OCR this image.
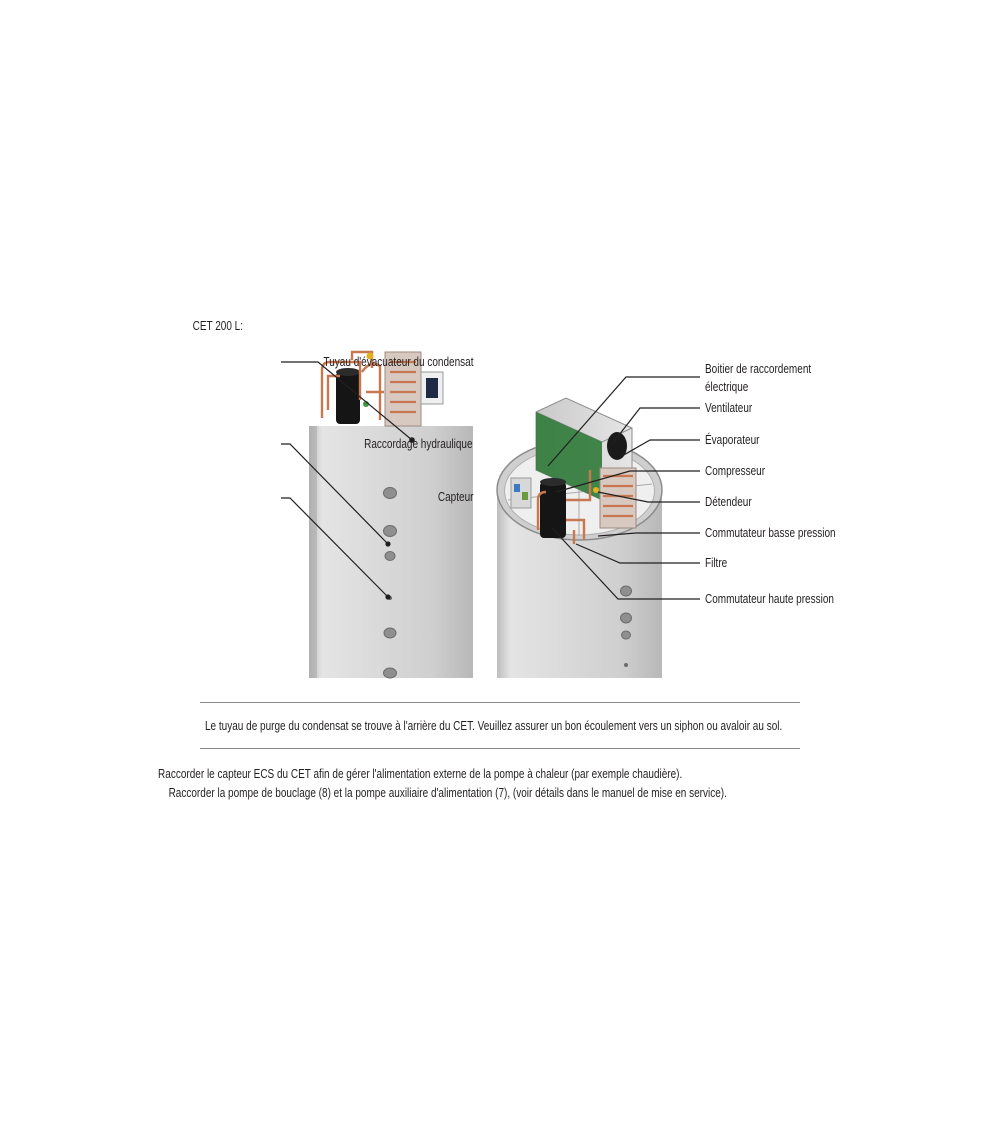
CET 200 L:
Tuyau d'évacuateur du condensat
Raccordage hydraulique
Capteur
Boitier de raccordement
électrique
Ventilateur
Évaporateur
Compresseur
Détendeur
Commutateur basse pression
Filtre
Commutateur haute pression
Le tuyau de purge du condensat se trouve à l'arrière du CET. Veuillez assurer un bon écoulement vers un siphon ou avaloir au sol.
Raccorder le capteur ECS du CET afin de gérer l'alimentation externe de la pompe à chaleur (par exemple chaudière).
Raccorder la pompe de bouclage (8) et la pompe auxiliaire d'alimentation (7), (voir détails dans le manuel de mise en service).
